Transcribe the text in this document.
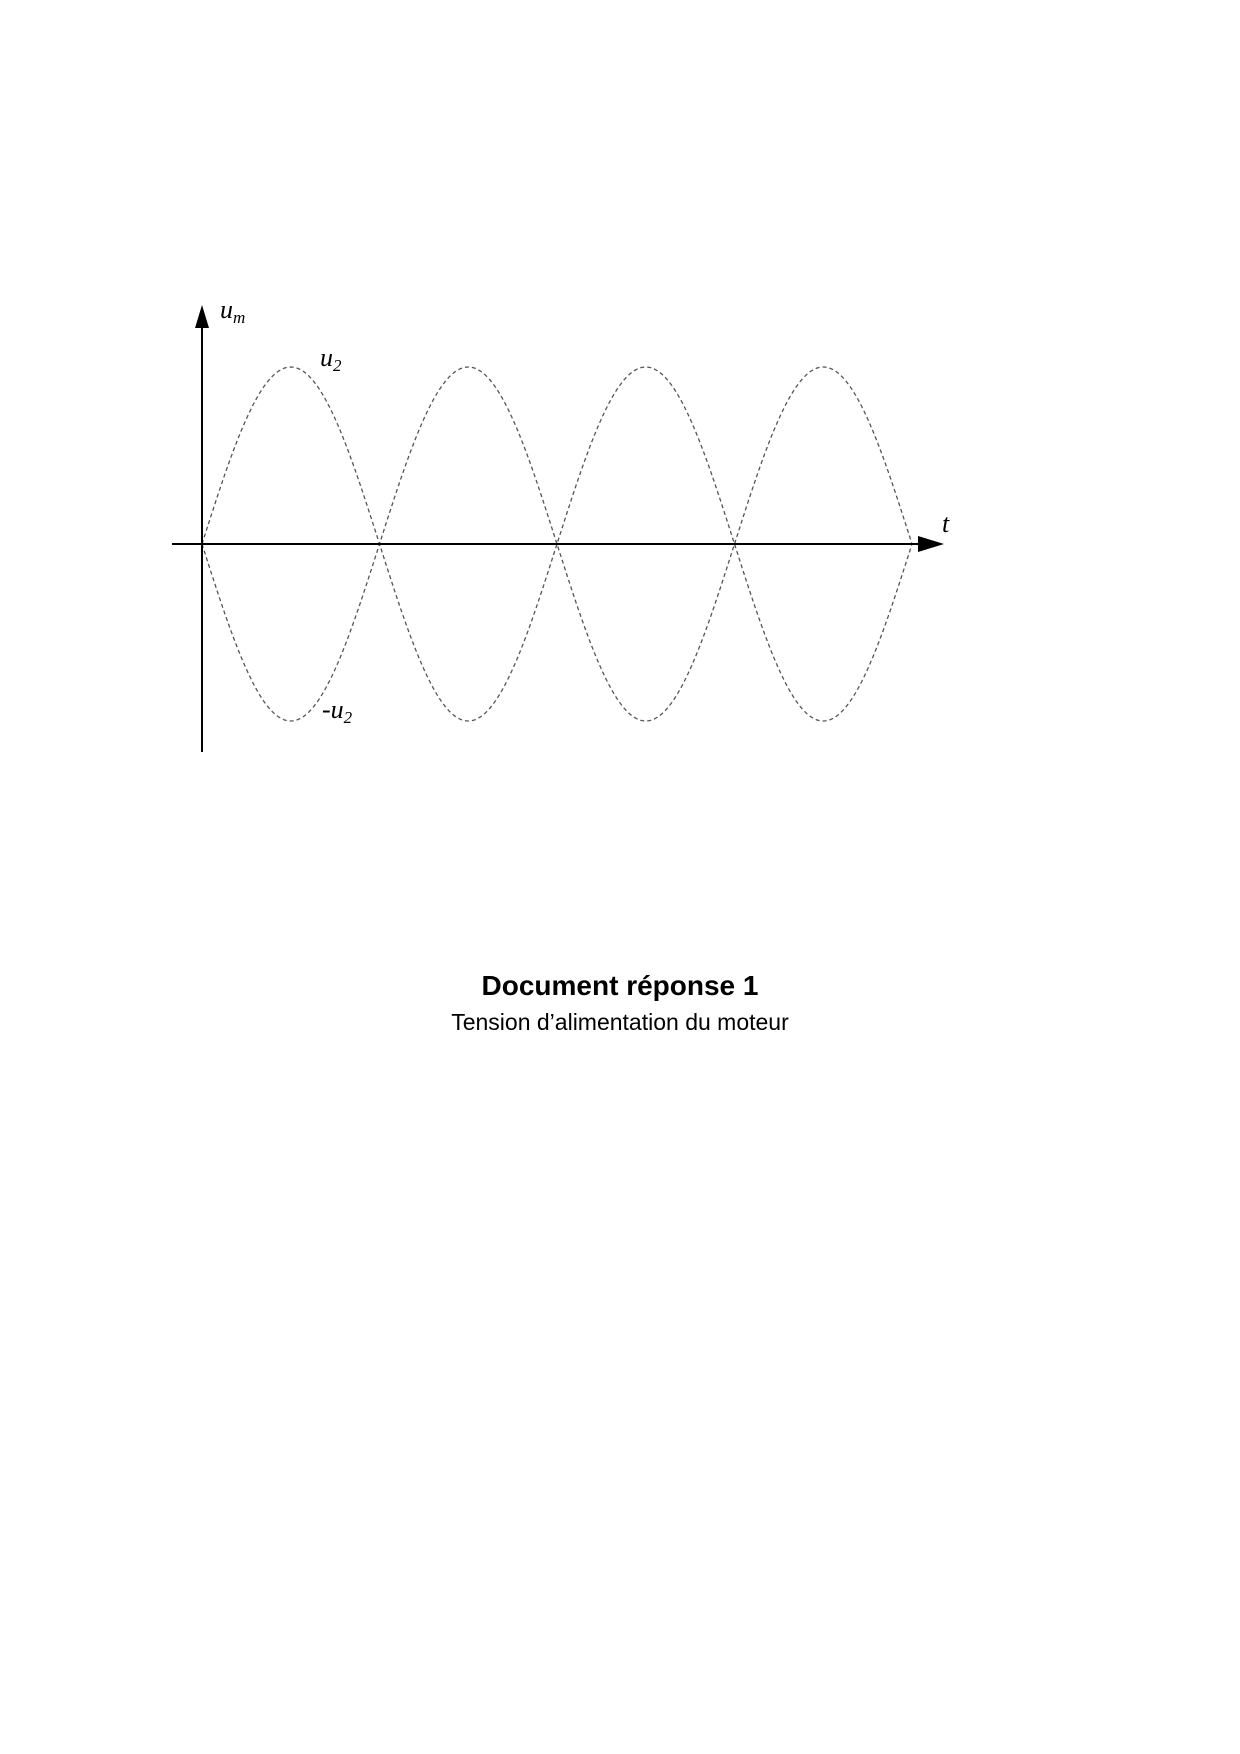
t
um
u2
-u2
Document réponse 1
Tension d’alimentation du moteur
